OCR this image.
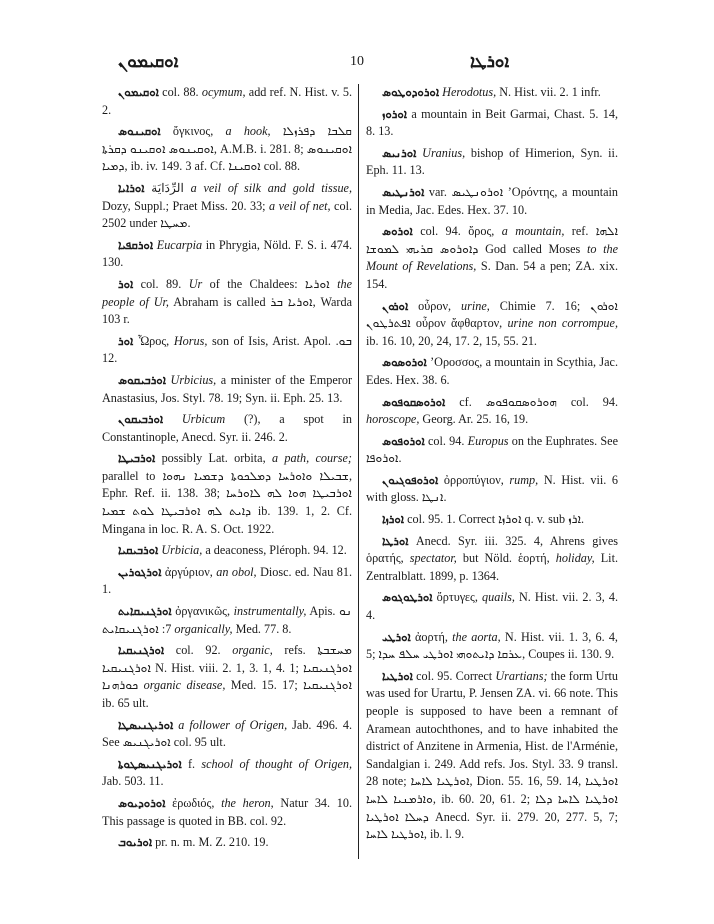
ܐܘܩܝܡܘܢ	10	ܐܘܪܛܐ

ܐܘܩܝܡܘܢ col. 88. ocymum, add ref. N. Hist. v. 5. 2.

ܐܘܩܝܢܘܣ ὄγκινος, a hook, ܩܠܒܐ ܕܦܪܙܠܐ ܐܘܩܝܢܘܣ ܐܘܩܝܢܘ ܕܩܪܬܐ, A.M.B. i. 281. 8; ܐܘܩܝܢܘܣ ܕܡܝܐ, ib. iv. 149. 3 af. Cf. ܐܘܩܝܢܐ col. 88.

ܐܘܪܐܝܐ الرِّدَايَة a veil of silk and gold tissue, Dozy, Suppl.; Praet Miss. 20. 33; a veil of net, col. 2502 under ܡܚܛܐ.

ܐܘܪܩܦܝܐ Eucarpia in Phrygia, Nöld. F. S. i. 474. 130.

ܐܘܪ col. 89. Ur of the Chaldees: ܐܘܪܝܐ the people of Ur, Abraham is called ܐܘܪܝܐ ܒܪ, Warda 103 r.

ܐܘܪ Ὧρος, Horus, son of Isis, Arist. Apol. ܒܘ. 12.

ܐܘܪܒܝܩܘܣ Urbicius, a minister of the Emperor Anastasius, Jos. Styl. 78. 19; Syn. ii. Eph. 25. 13.

ܐܘܪܒܝܩܘܢ Urbicum (?), a spot in Constantinople, Anecd. Syr. ii. 246. 2.

ܐܘܪܒܝܛܐ possibly Lat. orbita, a path, course; parallel to ܫܒܝܠܐ ܘܐܘܪܚܐ ܕܡܠܟܘܬܐ ܕܫܡܝܐ ܢܗܘܐ, Ephr. Ref. ii. 138. 38; ܐܘܪܒܝܛܐ ܗܘܐ ܠܗ ܠܐܘܪܚܐ ܕܐܝܬ ܠܗ ܐܘܪܒܝܛܐ ܠܘܬ ܫܡܝܐ ib. 139. 1, 2. Cf. Mingana in loc. R. A. S. Oct. 1922.

ܐܘܪܒܝܩܝܐ Urbicia, a deaconess, Pléroph. 94. 12.

ܐܘܪܓܘܪܝܢ ἀργύριον, an obol, Diosc. ed. Nau 81. 1.

ܐܘܪܓܢܝܩܐܝܬ ὀργανικῶς, instrumentally, Apis. ܢܘ 7: ܐܘܪܓܢܝܩܐܝܬ organically, Med. 77. 8.

ܐܘܪܓܢܝܩܝܐ col. 92. organic, refs. ܡܚܫܒܬܐ ܐܘܪܓܢܝܩܝܐ N. Hist. viii. 2. 1, 3. 1, 4. 1; ܐܘܪܓܢܝܩܝܐ ܟܘܪܗܢܐ organic disease, Med. 15. 17; ܐܘܪܓܢܝܩܝܐ ib. 65 ult.

ܐܘܪܝܓܢܝܣܛܐ a follower of Origen, Jab. 496. 4. See ܐܘܪܝܓܢܝܣ col. 95 ult.

ܐܘܪܝܓܢܝܣܛܘܬܐ f. school of thought of Origen, Jab. 503. 11.

ܐܘܪܘܕܝܘܣ ἐρωδιός, the heron, Natur 34. 10. This passage is quoted in BB. col. 92.

ܐܘܪܝܘܒ pr. n. m. M. Z. 210. 19.

ܐܘܪܘܕܘܛܘܣ Herodotus, N. Hist. vii. 2. 1 infr.

ܐܘܪܘܙ a mountain in Beit Garmai, Chast. 5. 14, 8. 13.

ܐܘܪܢܝܣ Uranius, bishop of Himerion, Syn. ii. Eph. 11. 13.

ܐܘܪܢܛܝܣ var. ܐܘܪܘܢܛܝܣ ʼΟρόντης, a mountain in Media, Jac. Edes. Hex. 37. 10.

ܐܘܪܘܣ col. 94. ὄρος, a mountain, ref. ܐܠܗܐ ܕܐܘܪܘܣ ܩܪܝܗܝ ܠܡܘܫܐ God called Moses to the Mount of Revelations, S. Dan. 54 a pen; ZA. xix. 154.

ܐܘܪܘܢ οὖρον, urine, Chimie 7. 16; ܐܘܪܘܢ ܐܦܬܪܛܘܢ οὖρον ἄφθαρτον, urine non corrompue, ib. 16. 10, 20, 24, 17. 2, 15, 55. 21.

ܐܘܪܘܣܘܣ ʼΟροσσος, a mountain in Scythia, Jac. Edes. Hex. 38. 6.

ܐܘܪܘܣܩܘܦܘܣ cf. ܗܘܪܘܣܩܘܦܘܣ col. 94. horoscope, Georg. Ar. 25. 16, 19.

ܐܘܪܘܦܘܣ col. 94. Europus on the Euphrates. See ܐܘܪܘܦܐ.

ܐܘܪܘܦܘܓܝܘܢ ὀρροπύγιον, rump, N. Hist. vii. 6 with gloss. ܐܢܛܐ.

ܐܘܪܙܐ col. 95. 1. Correct ܐܘܪܙܐ q. v. sub ܐܪܙ.

ܐܘܪܛܐ Anecd. Syr. iii. 325. 4, Ahrens gives ὁρατής, spectator, but Nöld. ἑορτή, holiday, Lit. Zentralblatt. 1899, p. 1364.

ܐܘܪܛܘܓܘܣ ὄρτυγες, quails, N. Hist. vii. 2. 3, 4. 4.

ܐܘܪܛܝ ἀορτή, the aorta, N. Hist. vii. 1. 3, 6. 4, 5; ܥܪܩܐ ܕܐܝܬܘܗܝ ܐܘܪܛܝ ܚܠܦ ܚܕܐ, Coupes ii. 130. 9.

ܐܘܪܛܝܐ col. 95. Correct Urartians; the form Urtu was used for Urartu, P. Jensen ZA. vi. 66 note. This people is supposed to have been a remnant of Aramean autochthones, and to have inhabited the district of Anzitene in Armenia, Hist. de l'Arménie, Sandalgian i. 249. Add refs. Jos. Styl. 33. 9 transl. 28 note; ܐܘܪܛܝܐ ܠܐܚܐ, Dion. 55. 16, 59. 14, ܐܘܪܛܝܐ ܘܐܪܡܢܝܐ ܠܐܚܐ, ib. 60. 20, 61. 2; ܐܘܪܛܝܐ ܠܐܚܐ ܕܠܐ ܕܚܠܐ ܐܘܪܛܝܐ Anecd. Syr. ii. 279. 20, 277. 5, 7; ܐܘܪܛܝܐ ܠܐܚܐ, ib. l. 9.
